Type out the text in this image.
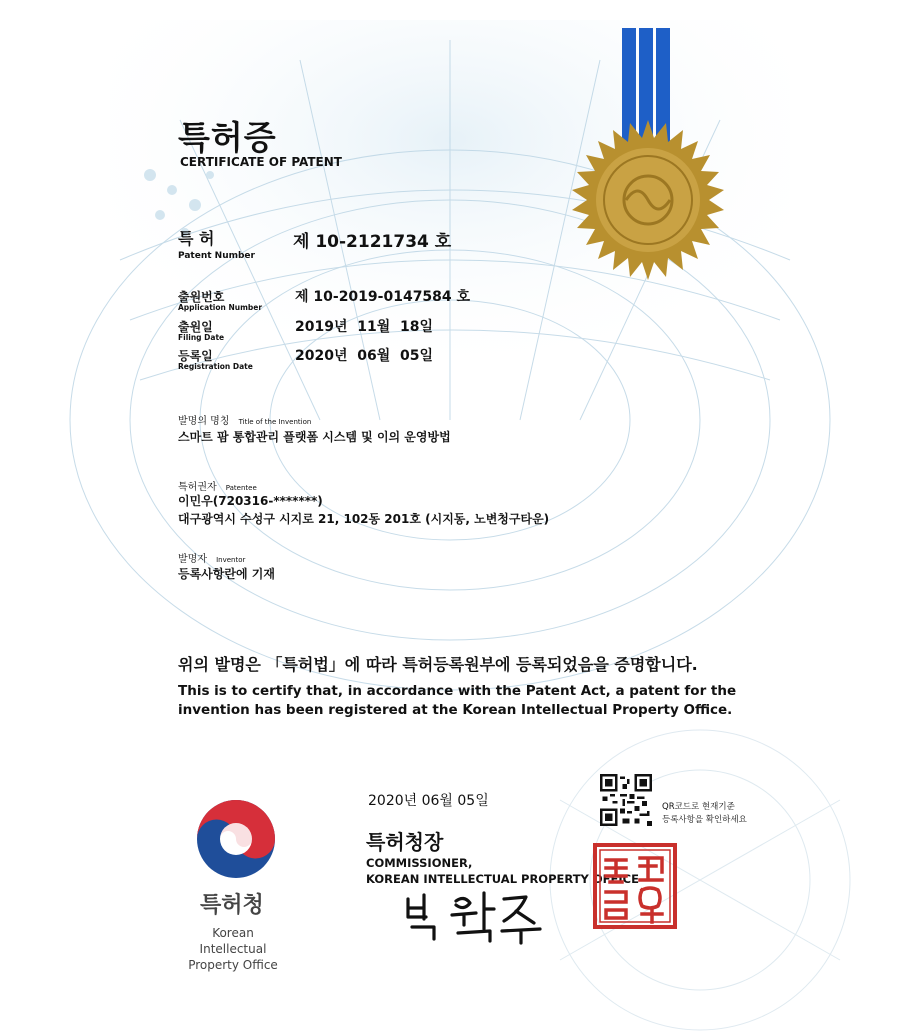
특허증
CERTIFICATE OF PATENT
특 허
Patent Number
제 10-2121734 호
출원번호
Application Number
제 10-2019-0147584 호
출원일
Filing Date
2019년  11월  18일
등록일
Registration Date
2020년  06월  05일
발명의 명칭 Title of the Invention
스마트 팜 통합관리 플랫폼 시스템 및 이의 운영방법
특허권자 Patentee
이민우(720316-*******)
대구광역시 수성구 시지로 21, 102동 201호 (시지동, 노변청구타운)
발명자 Inventor
등록사항란에 기재
위의 발명은 「특허법」에 따라 특허등록원부에 등록되었음을 증명합니다.
This is to certify that, in accordance with the Patent Act, a patent for the invention has been registered at the Korean Intellectual Property Office.
2020년 06월 05일
특허청장
COMMISSIONER,
KOREAN INTELLECTUAL PROPERTY OFFICE
QR코드로 현재기준
등록사항을 확인하세요
특허청
Korean Intellectual Property Office
